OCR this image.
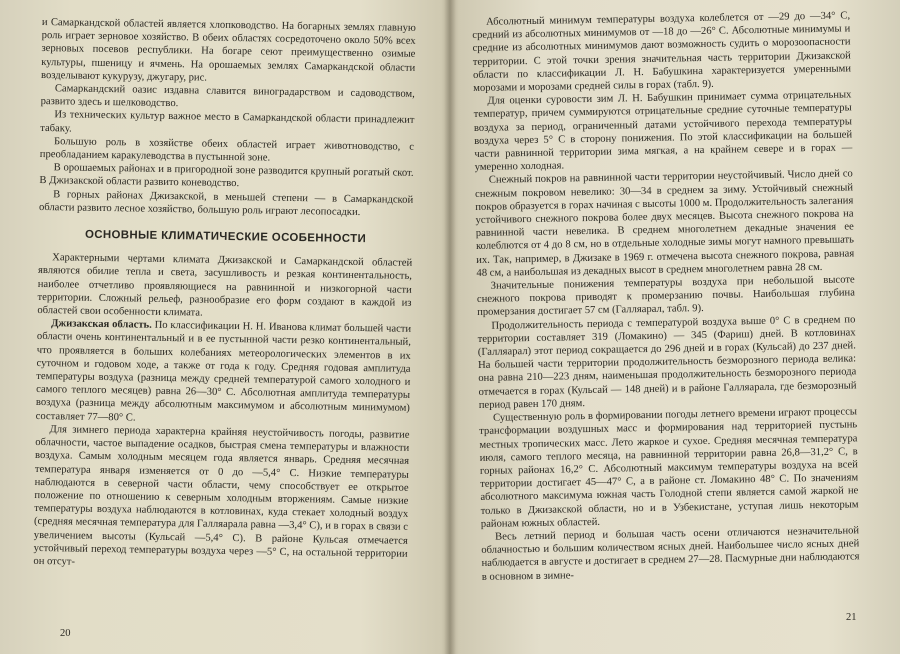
и Самаркандской областей является хлопководство. На богарных землях главную роль играет зерновое хозяйство. В обеих областях сосредоточено около 50% всех зерновых посевов республики. На богаре сеют преимущественно озимые культуры, пшеницу и ячмень. На орошаемых землях Самаркандской области возделывают кукурузу, джугару, рис.

Самаркандский оазис издавна славится виноградарством и садоводством, развито здесь и шелководство.

Из технических культур важное место в Самаркандской области принадлежит табаку.

Большую роль в хозяйстве обеих областей играет животноводство, с преобладанием каракулеводства в пустынной зоне.

В орошаемых районах и в пригородной зоне разводится крупный рогатый скот. В Джизакской области развито коневодство.

В горных районах Джизакской, в меньшей степени — в Самаркандской области развито лесное хозяйство, большую роль играют лесопосадки.

ОСНОВНЫЕ КЛИМАТИЧЕСКИЕ ОСОБЕННОСТИ

Характерными чертами климата Джизакской и Самаркандской областей являются обилие тепла и света, засушливость и резкая континентальность, наиболее отчетливо проявляющиеся на равнинной и низкогорной части территории. Сложный рельеф, разнообразие его форм создают в каждой из областей свои особенности климата.

Джизакская область. По классификации Н. Н. Иванова климат большей части области очень континентальный и в ее пустынной части резко континентальный, что проявляется в больших колебаниях метеорологических элементов в их суточном и годовом ходе, а также от года к году. Средняя годовая амплитуда температуры воздуха (разница между средней температурой самого холодного и самого теплого месяцев) равна 26—30° С. Абсолютная амплитуда температуры воздуха (разница между абсолютным максимумом и абсолютным минимумом) составляет 77—80° С.

Для зимнего периода характерна крайняя неустойчивость погоды, развитие облачности, частое выпадение осадков, быстрая смена температуры и влажности воздуха. Самым холодным месяцем года является январь. Средняя месячная температура января изменяется от 0 до —5,4° С. Низкие температуры наблюдаются в северной части области, чему способствует ее открытое положение по отношению к северным холодным вторжениям. Самые низкие температуры воздуха наблюдаются в котловинах, куда стекает холодный воздух (средняя месячная температура для Галляарала равна —3,4° С), и в горах в связи с увеличением высоты (Кульсай —5,4° С). В районе Кульсая отмечается устойчивый переход температуры воздуха через —5° С, на остальной территории он отсут-

Абсолютный минимум температуры воздуха колеблется от —29 до —34° С, средний из абсолютных минимумов от —18 до —26° С. Абсолютные минимумы и средние из абсолютных минимумов дают возможность судить о морозоопасности территории. С этой точки зрения значительная часть территории Джизакской области по классификации Л. Н. Бабушкина характеризуется умеренными морозами и морозами средней силы в горах (табл. 9).

Для оценки суровости зим Л. Н. Бабушкин принимает сумма отрицательных температур, причем суммируются отрицательные средние суточные температуры воздуха за период, ограниченный датами устойчивого перехода температуры воздуха через 5° С в сторону понижения. По этой классификации на большей части равнинной территории зима мягкая, а на крайнем севере и в горах — умеренно холодная.

Снежный покров на равнинной части территории неустойчивый. Число дней со снежным покровом невелико: 30—34 в среднем за зиму. Устойчивый снежный покров образуется в горах начиная с высоты 1000 м. Продолжительность залегания устойчивого снежного покрова более двух месяцев. Высота снежного покрова на равнинной части невелика. В среднем многолетнем декадные значения ее колеблются от 4 до 8 см, но в отдельные холодные зимы могут намного превышать их. Так, например, в Джизаке в 1969 г. отмечена высота снежного покрова, равная 48 см, а наибольшая из декадных высот в среднем многолетнем равна 28 см.

Значительные понижения температуры воздуха при небольшой высоте снежного покрова приводят к промерзанию почвы. Наибольшая глубина промерзания достигает 57 см (Галляарал, табл. 9).

Продолжительность периода с температурой воздуха выше 0° С в среднем по территории составляет 319 (Ломакино) — 345 (Фариш) дней. В котловинах (Галляарал) этот период сокращается до 296 дней и в горах (Кульсай) до 237 дней. На большей части территории продолжительность безморозного периода велика: она равна 210—223 дням, наименьшая продолжительность безморозного периода отмечается в горах (Кульсай — 148 дней) и в районе Галляарала, где безморозный период равен 170 дням.

Существенную роль в формировании погоды летнего времени играют процессы трансформации воздушных масс и формирования над территорией пустынь местных тропических масс. Лето жаркое и сухое. Средняя месячная температура июля, самого теплого месяца, на равнинной территории равна 26,8—31,2° С, в горных районах 16,2° С. Абсолютный максимум температуры воздуха на всей территории достигает 45—47° С, а в районе ст. Ломакино 48° С. По значениям абсолютного максимума южная часть Голодной степи является самой жаркой не только в Джизакской области, но и в Узбекистане, уступая лишь некоторым районам южных областей.

Весь летний период и большая часть осени отличаются незначительной облачностью и большим количеством ясных дней. Наибольшее число ясных дней наблюдается в августе и достигает в среднем 27—28. Пасмурные дни наблюдаются в основном в зимне-

20
21
